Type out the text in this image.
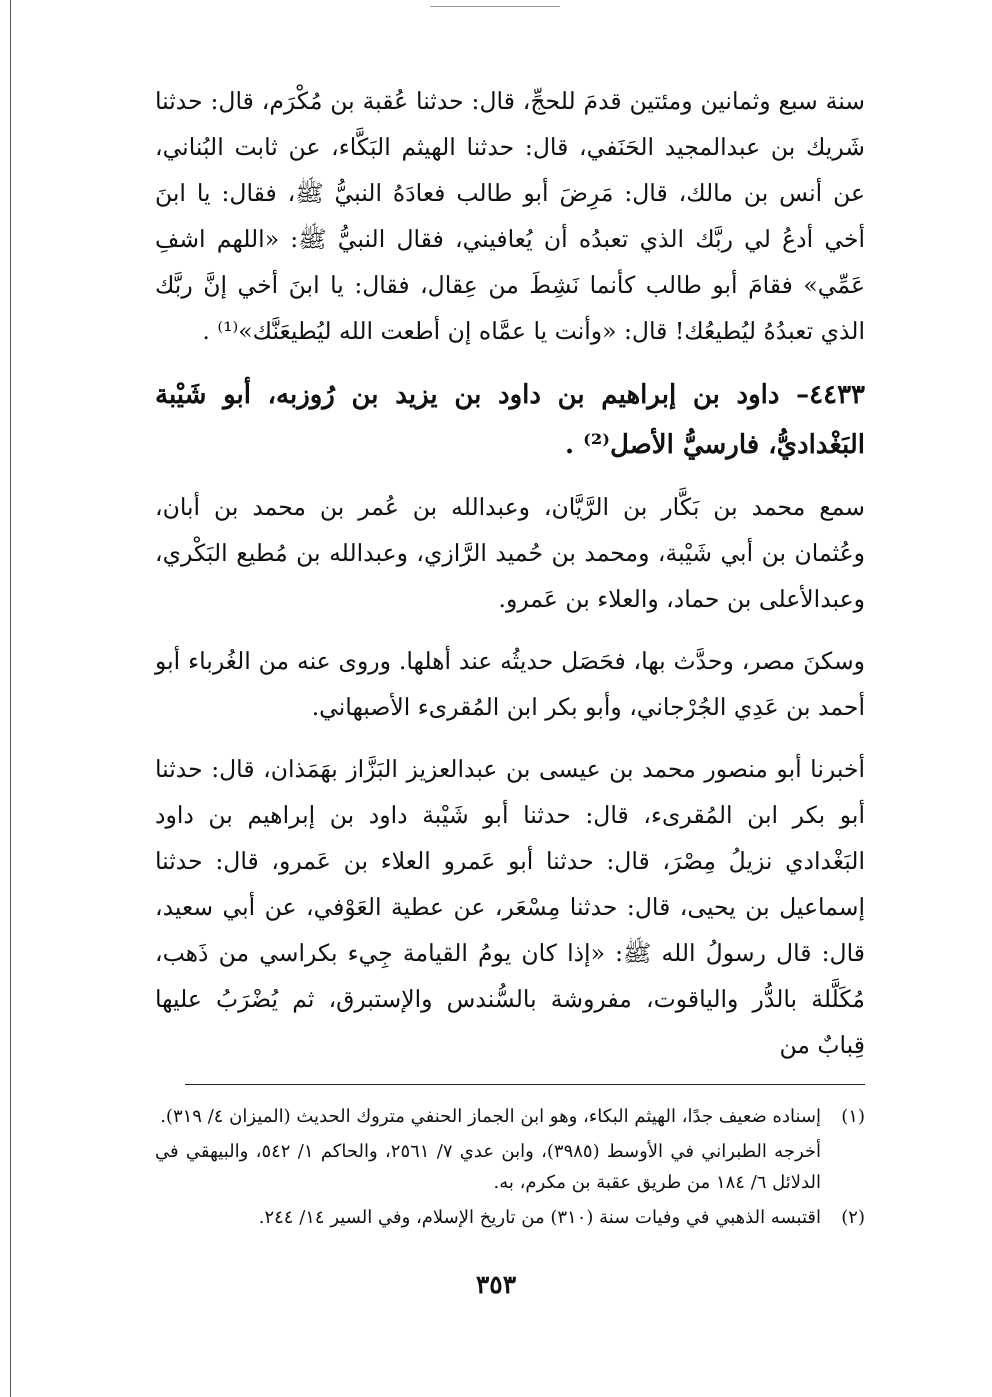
سنة سبع وثمانين ومئتين قدمَ للحجِّ، قال: حدثنا عُقبة بن مُكْرَم، قال: حدثنا شَريك بن عبدالمجيد الحَنَفي، قال: حدثنا الهيثم البَكَّاء، عن ثابت البُناني، عن أنس بن مالك، قال: مَرِضَ أبو طالب فعادَهُ النبيُّ ﷺ، فقال: يا ابنَ أخي أدعُ لي ربَّك الذي تعبدُه أن يُعافيني، فقال النبيُّ ﷺ: «اللهم اشفِ عَمِّي» فقامَ أبو طالب كأنما نَشِطَ من عِقال، فقال: يا ابنَ أخي إنَّ ربَّك الذي تعبدُهُ ليُطيعُك! قال: «وأنت يا عمَّاه إن أطعت الله ليُطيعَنَّك»⁽¹⁾ .

٤٤٣٣– داود بن إبراهيم بن داود بن يزيد بن رُوزبه، أبو شَيْبة البَغْداديُّ، فارسيُّ الأصل⁽²⁾ .

سمع محمد بن بَكَّار بن الرَّيَّان، وعبدالله بن عُمر بن محمد بن أبان، وعُثمان بن أبي شَيْبة، ومحمد بن حُميد الرَّازي، وعبدالله بن مُطيع البَكْري، وعبدالأعلى بن حماد، والعلاء بن عَمرو.

وسكنَ مصر، وحدَّث بها، فحَصَل حديثُه عند أهلها. وروى عنه من الغُرباء أبو أحمد بن عَدِي الجُرْجاني، وأبو بكر ابن المُقرىء الأصبهاني.

أخبرنا أبو منصور محمد بن عيسى بن عبدالعزيز البَزَّاز بهَمَذان، قال: حدثنا أبو بكر ابن المُقرىء، قال: حدثنا أبو شَيْبة داود بن إبراهيم بن داود البَغْدادي نزيلُ مِصْرَ، قال: حدثنا أبو عَمرو العلاء بن عَمرو، قال: حدثنا إسماعيل بن يحيى، قال: حدثنا مِسْعَر، عن عطية العَوْفي، عن أبي سعيد، قال: قال رسولُ الله ﷺ: «إذا كان يومُ القيامة جِيء بكراسي من ذَهب، مُكَلَّلة بالدُّر والياقوت، مفروشة بالسُّندس والإستبرق، ثم يُضْرَبُ عليها قِبابٌ من

(١)
إسناده ضعيف جدًا، الهيثم البكاء، وهو ابن الجماز الحنفي متروك الحديث (الميزان ٤/ ٣١٩).
أخرجه الطبراني في الأوسط (٣٩٨٥)، وابن عدي ٧/ ٢٥٦١، والحاكم ١/ ٥٤٢، والبيهقي في الدلائل ٦/ ١٨٤ من طريق عقبة بن مكرم، به.
(٢)
اقتبسه الذهبي في وفيات سنة (٣١٠) من تاريخ الإسلام، وفي السير ١٤/ ٢٤٤.
٣٥٣
